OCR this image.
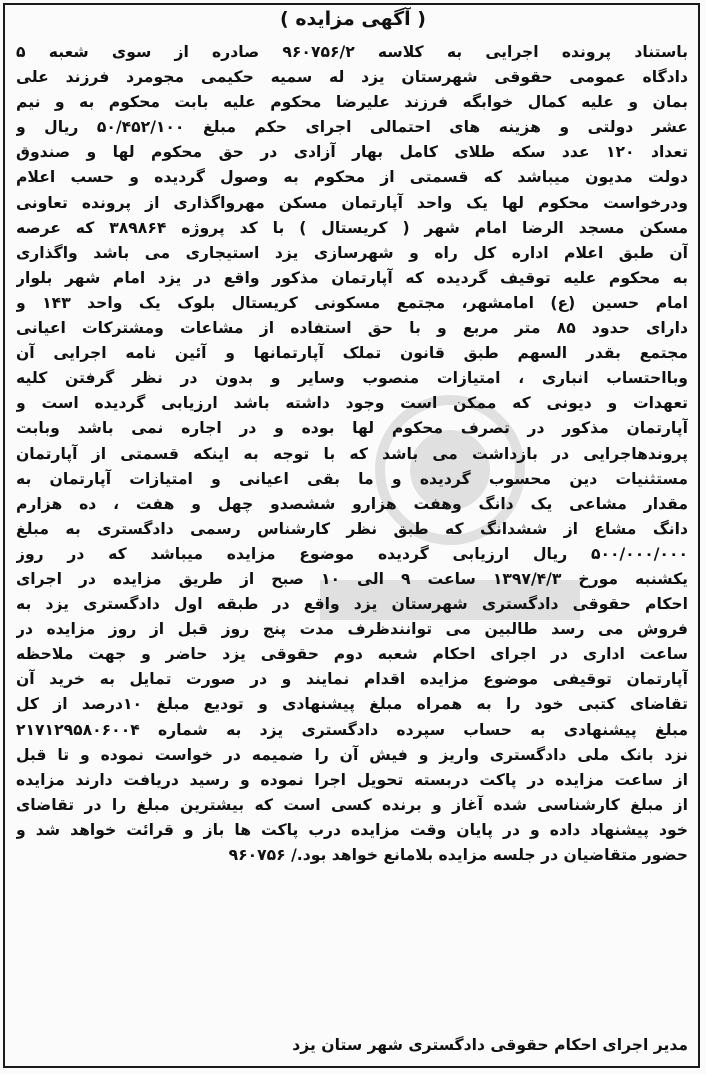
( آگهی مزایده )
باستناد پرونده اجرایی به کلاسه ۹۶۰۷۵۶/۲ صادره از سوی شعبه ۵
دادگاه عمومی حقوقی شهرستان یزد له سمیه حکیمی مجومرد فرزند علی
بمان و علیه کمال خوابگه فرزند علیرضا محکوم علیه بابت محکوم به و نیم
عشر دولتی و هزینه های احتمالی اجرای حکم مبلغ ۵۰/۴۵۲/۱۰۰ ریال و
تعداد ۱۲۰ عدد سکه طلای کامل بهار آزادی در حق محکوم لها و صندوق
دولت مدیون میباشد که قسمتی از محکوم به وصول گردیده و حسب اعلام
ودرخواست محکوم لها یک واحد آپارتمان مسکن مهرواگذاری از پرونده تعاونی
مسکن مسجد الرضا امام شهر ( کریستال ) با کد پروژه ۳۸۹۸۶۴ که عرصه
آن طبق اعلام اداره کل راه و شهرسازی یزد استیجاری می باشد واگذاری
به محکوم علیه توقیف گردیده که آپارتمان مذکور واقع در یزد امام شهر بلوار
امام حسین (ع) امامشهر، مجتمع مسکونی کریستال بلوک یک واحد ۱۴۳ و
دارای حدود ۸۵ متر مربع و با حق استفاده از مشاعات ومشترکات اعیانی
مجتمع بقدر السهم طبق قانون تملک آپارتمانها و آئین نامه اجرایی آن
وبااحتساب انباری ، امتیازات منصوب وسایر و بدون در نظر گرفتن کلیه
تعهدات و دیونی که ممکن است وجود داشته باشد ارزیابی گردیده است و
آپارتمان مذکور در تصرف محکوم لها بوده و در اجاره نمی باشد وبابت
پروندهاجرایی در بازداشت می باشد که با توجه به اینکه قسمتی از آپارتمان
مستثنیات دین محسوب گردیده و ما بقی اعیانی و امتیازات آپارتمان به
مقدار مشاعی یک دانگ وهفت هزارو ششصدو چهل و هفت ، ده هزارم
دانگ مشاع از ششدانگ که طبق نظر کارشناس رسمی دادگستری به مبلغ
۵۰۰/۰۰۰/۰۰۰ ریال ارزیابی گردیده موضوع مزایده میباشد که در روز
یکشنبه مورخ ۱۳۹۷/۴/۳ ساعت ۹ الی ۱۰ صبح از طریق مزایده در اجرای
احکام حقوقی دادگستری شهرستان یزد واقع در طبقه اول دادگستری یزد به
فروش می رسد طالبین می توانندظرف مدت پنج روز قبل از روز مزایده در
ساعت اداری در اجرای احکام شعبه دوم حقوقی یزد حاضر و جهت ملاحظه
آپارتمان توقیفی موضوع مزایده اقدام نمایند و در صورت تمایل به خرید آن
تقاضای کتبی خود را به همراه مبلغ پیشنهادی و تودیع مبلغ ۱۰درصد از کل
مبلغ پیشنهادی به حساب سپرده دادگستری یزد به شماره ۲۱۷۱۲۹۵۸۰۶۰۰۴
نزد بانک ملی دادگستری واریز و فیش آن را ضمیمه در خواست نموده و تا قبل
از ساعت مزایده در پاکت دربسته تحویل اجرا نموده و رسید دریافت دارند مزایده
از مبلغ کارشناسی شده آغاز و برنده کسی است که بیشترین مبلغ را در تقاضای
خود پیشنهاد داده و در پایان وقت مزایده درب پاکت ها باز و قرائت خواهد شد و
حضور متقاضیان در جلسه مزایده بلامانع خواهد بود./ ۹۶۰۷۵۶
مدیر اجرای احکام حقوقی دادگستری شهر ستان یزد
